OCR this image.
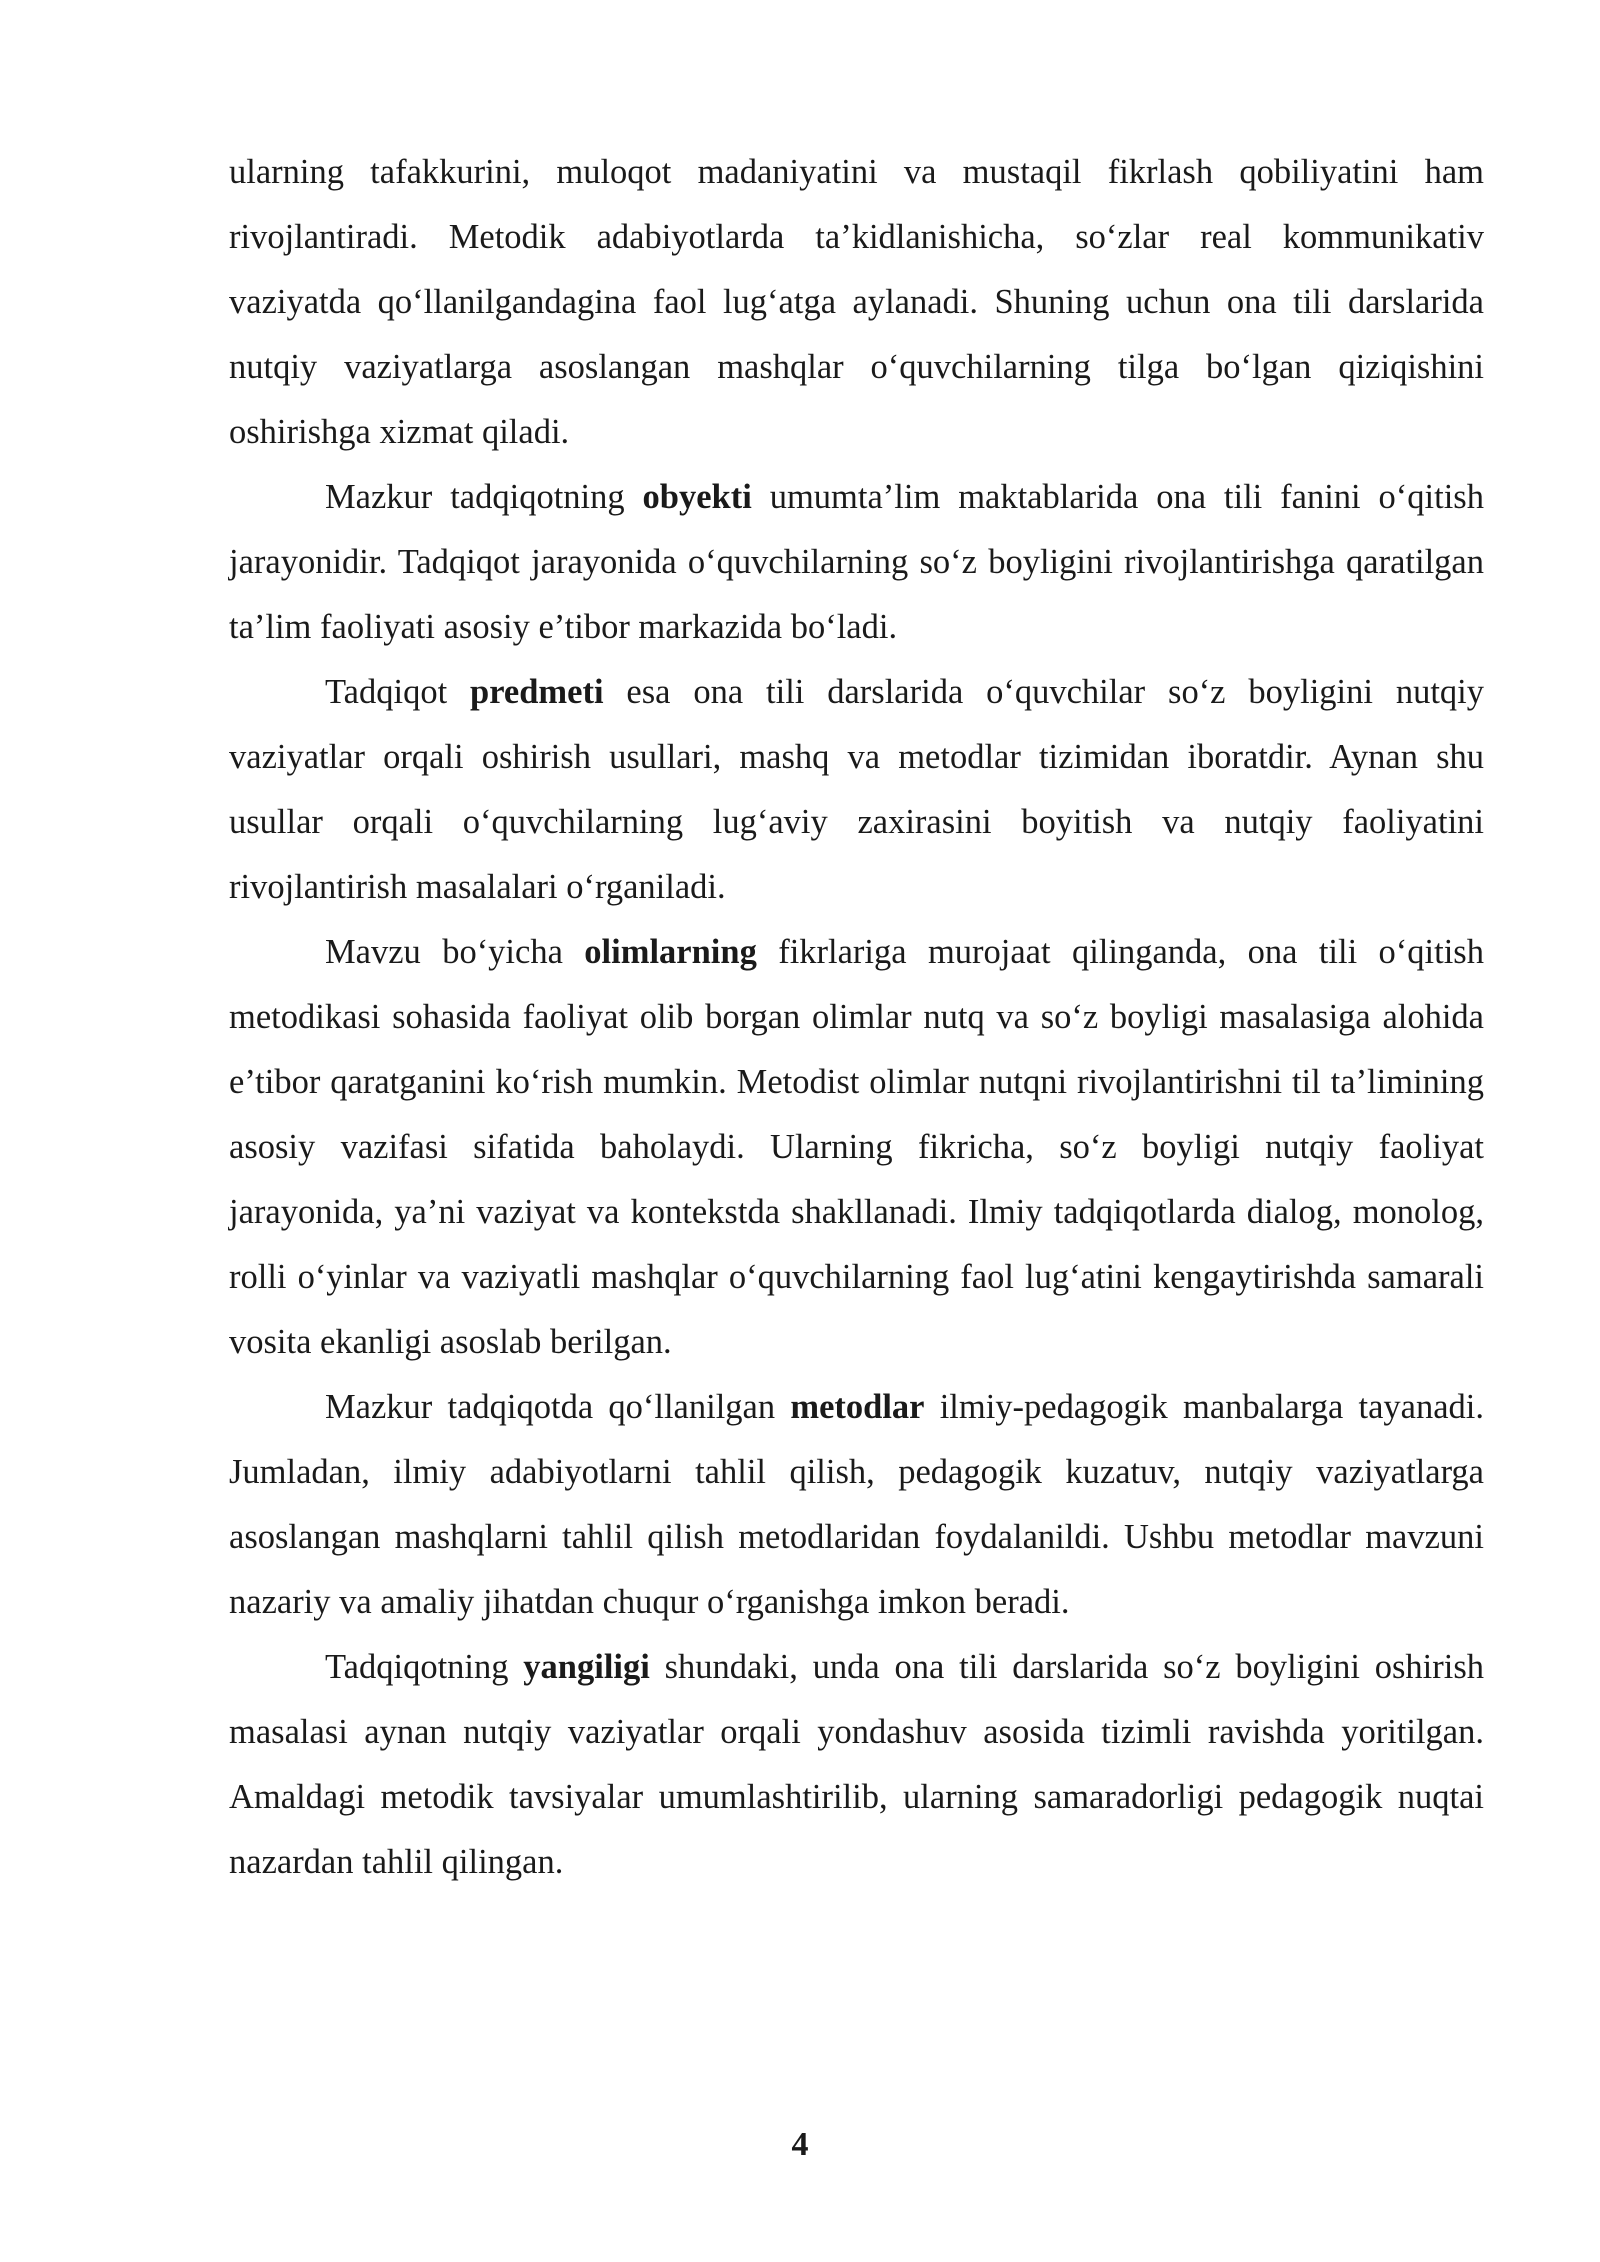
ularning tafakkurini, muloqot madaniyatini va mustaqil fikrlash qobiliyatini ham rivojlantiradi. Metodik adabiyotlarda ta’kidlanishicha, so‘zlar real kommunikativ vaziyatda qo‘llanilgandagina faol lug‘atga aylanadi. Shuning uchun ona tili darslarida nutqiy vaziyatlarga asoslangan mashqlar o‘quvchilarning tilga bo‘lgan qiziqishini oshirishga xizmat qiladi.

Mazkur tadqiqotning obyekti umumta’lim maktablarida ona tili fanini o‘qitish jarayonidir. Tadqiqot jarayonida o‘quvchilarning so‘z boyligini rivojlantirishga qaratilgan ta’lim faoliyati asosiy e’tibor markazida bo‘ladi.

Tadqiqot predmeti esa ona tili darslarida o‘quvchilar so‘z boyligini nutqiy vaziyatlar orqali oshirish usullari, mashq va metodlar tizimidan iboratdir. Aynan shu usullar orqali o‘quvchilarning lug‘aviy zaxirasini boyitish va nutqiy faoliyatini rivojlantirish masalalari o‘rganiladi.

Mavzu bo‘yicha olimlarning fikrlariga murojaat qilinganda, ona tili o‘qitish metodikasi sohasida faoliyat olib borgan olimlar nutq va so‘z boyligi masalasiga alohida e’tibor qaratganini ko‘rish mumkin. Metodist olimlar nutqni rivojlantirishni til ta’limining asosiy vazifasi sifatida baholaydi. Ularning fikricha, so‘z boyligi nutqiy faoliyat jarayonida, ya’ni vaziyat va kontekstda shakllanadi. Ilmiy tadqiqotlarda dialog, monolog, rolli o‘yinlar va vaziyatli mashqlar o‘quvchilarning faol lug‘atini kengaytirishda samarali vosita ekanligi asoslab berilgan.

Mazkur tadqiqotda qo‘llanilgan metodlar ilmiy-pedagogik manbalarga tayanadi. Jumladan, ilmiy adabiyotlarni tahlil qilish, pedagogik kuzatuv, nutqiy vaziyatlarga asoslangan mashqlarni tahlil qilish metodlaridan foydalanildi. Ushbu metodlar mavzuni nazariy va amaliy jihatdan chuqur o‘rganishga imkon beradi.

Tadqiqotning yangiligi shundaki, unda ona tili darslarida so‘z boyligini oshirish masalasi aynan nutqiy vaziyatlar orqali yondashuv asosida tizimli ravishda yoritilgan. Amaldagi metodik tavsiyalar umumlashtirilib, ularning samaradorligi pedagogik nuqtai nazardan tahlil qilingan.

4
